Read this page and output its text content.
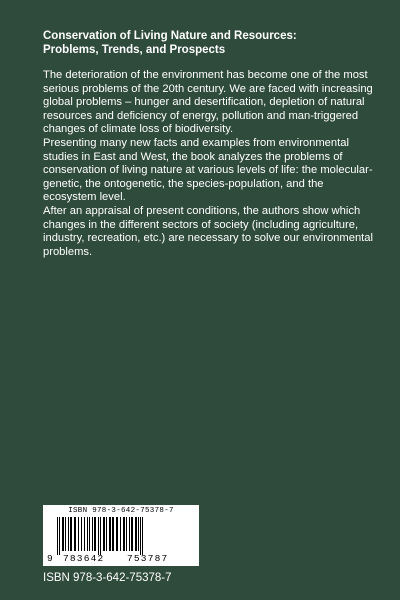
Conservation of Living Nature and Resources:
Problems, Trends, and Prospects

The deterioration of the environment has become one of the most serious problems of the 20th century. We are faced with increasing global problems – hunger and desertification, depletion of natural resources and deficiency of energy, pollution and man-triggered changes of climate loss of biodiversity.

Presenting many new facts and examples from environmental studies in East and West, the book analyzes the problems of conservation of living nature at various levels of life: the molecular-genetic, the ontogenetic, the species-population, and the ecosystem level.

After an appraisal of present conditions, the authors show which changes in the different sectors of society (including agriculture, industry, recreation, etc.) are necessary to solve our environmental problems.

ISBN 978-3-642-75378-7
9 783642 753787
ISBN 978-3-642-75378-7
